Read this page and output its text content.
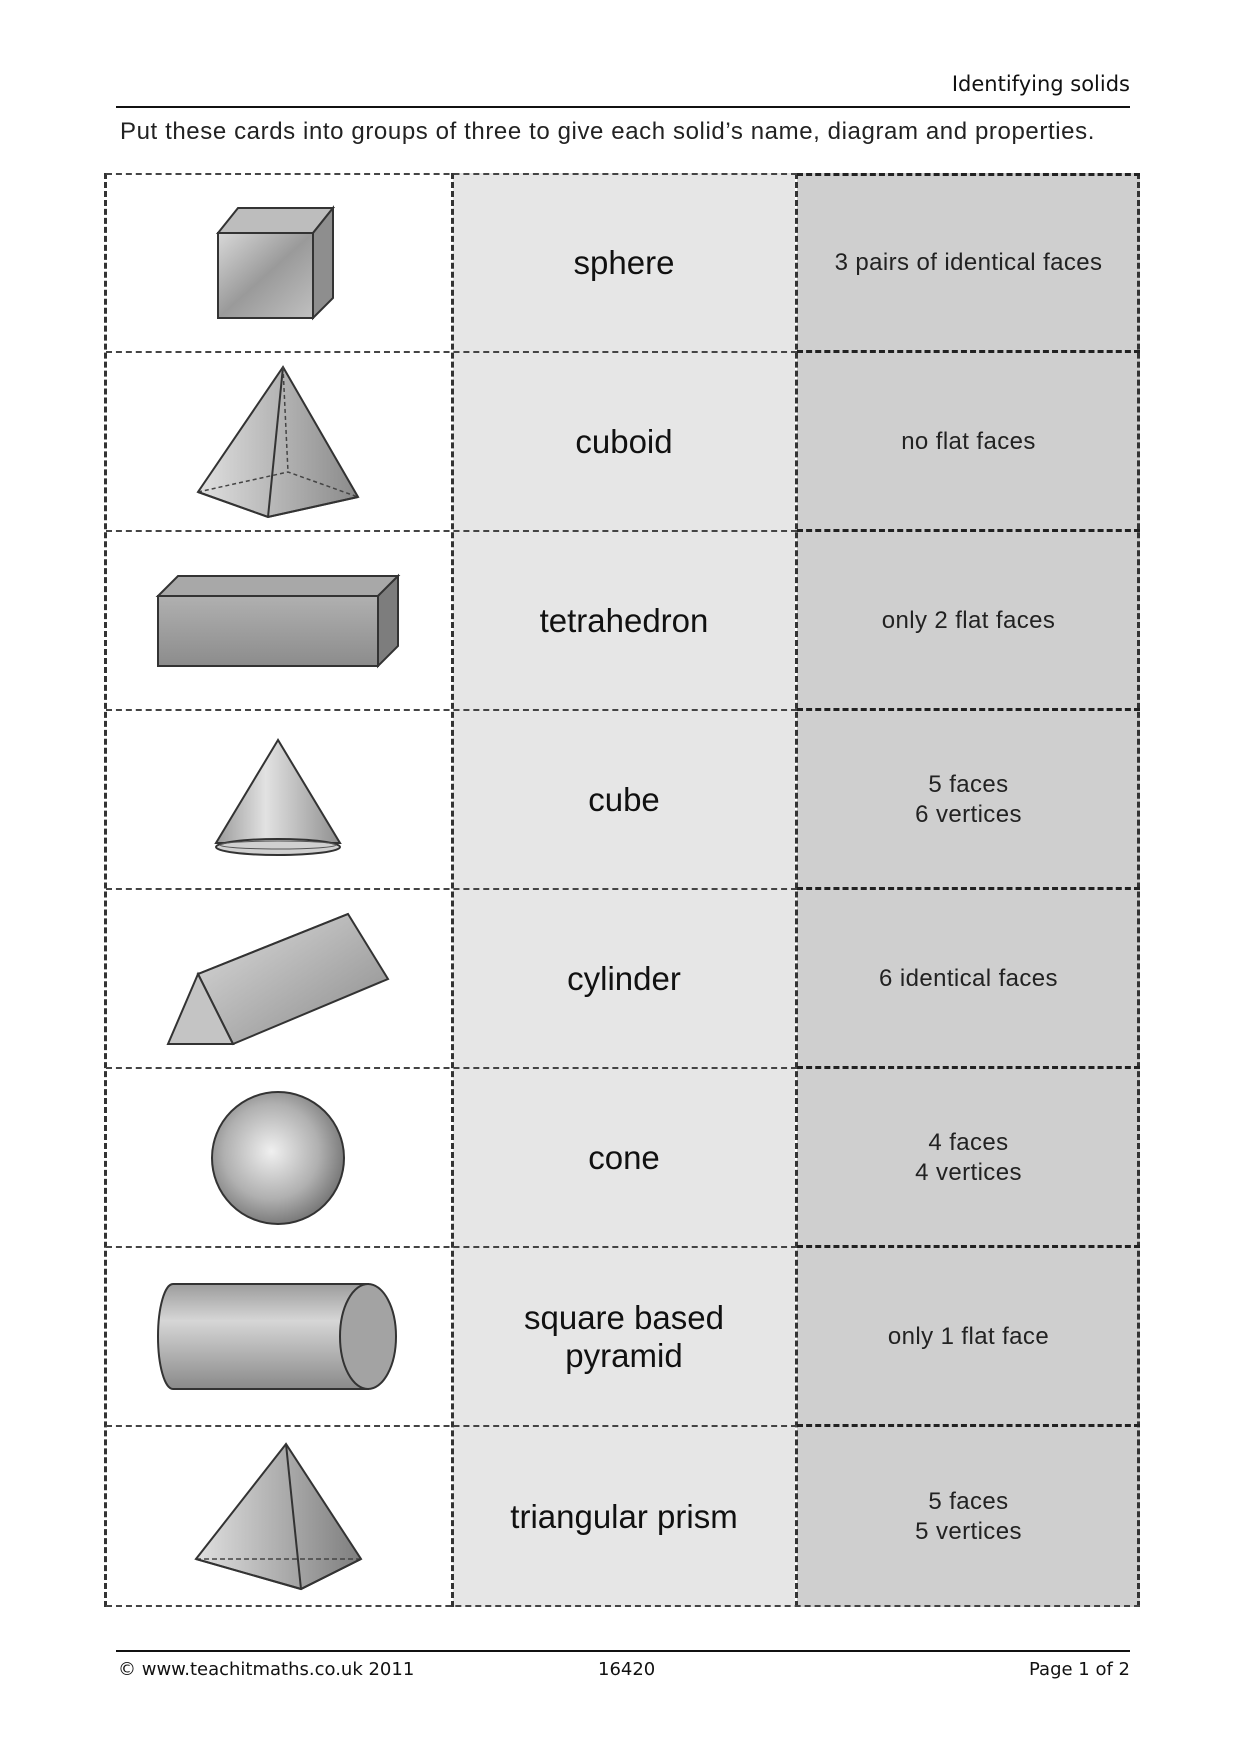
Identifying solids
Put these cards into groups of three to give each solid’s name, diagram and properties.
sphere
cuboid
tetrahedron
cube
cylinder
cone
square based
pyramid
triangular prism
3 pairs of identical faces
no flat faces
only 2 flat faces
5 faces
6 vertices
6 identical faces
4 faces
4 vertices
only 1 flat face
5 faces
5 vertices
© www.teachitmaths.co.uk 2011	16420	Page 1 of 2
